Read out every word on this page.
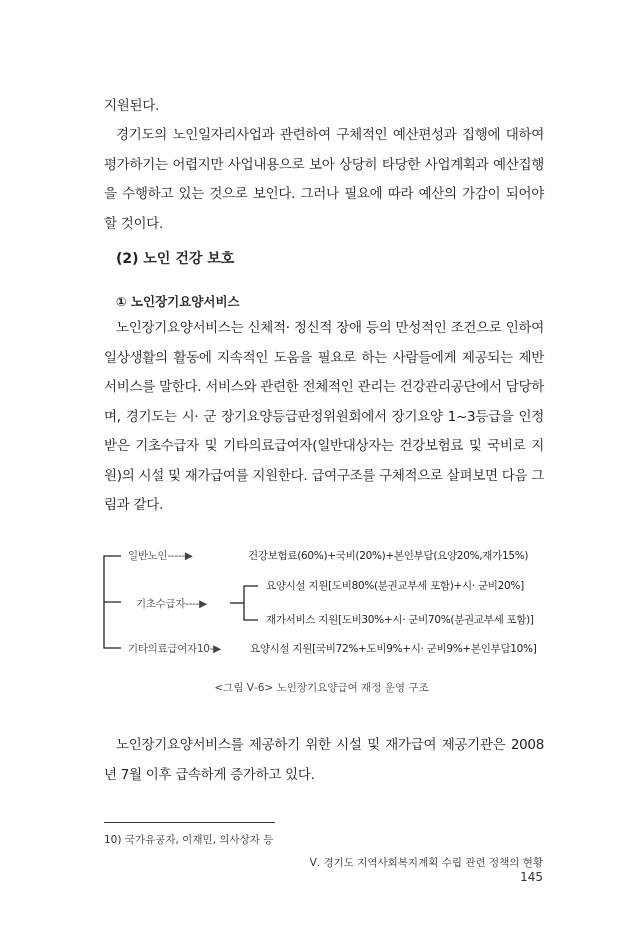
지원된다.

경기도의 노인일자리사업과 관련하여 구체적인 예산편성과 집행에 대하여 평가하기는 어렵지만 사업내용으로 보아 상당히 타당한 사업계획과 예산집행을 수행하고 있는 것으로 보인다. 그러나 필요에 따라 예산의 가감이 되어야 할 것이다.

(2) 노인 건강 보호
① 노인장기요양서비스

노인장기요양서비스는 신체적· 정신적 장애 등의 만성적인 조건으로 인하여 일상생활의 활동에 지속적인 도움을 필요로 하는 사람들에게 제공되는 제반 서비스를 말한다. 서비스와 관련한 전체적인 관리는 건강관리공단에서 담당하며, 경기도는 시· 군 장기요양등급판정위원회에서 장기요양 1~3등급을 인정받은 기초수급자 및 기타의료급여자(일반대상자는 건강보험료 및 국비로 지원)의 시설 및 재가급여를 지원한다. 급여구조를 구체적으로 살펴보면 다음 그림과 같다.

일반노인-----▶	건강보험료(60%)+국비(20%)+본인부담(요양20%,재가15%)
요양시설 지원[도비80%(분권교부세 포함)+시· 군비20%]
기초수급자----▶
재가서비스 지원[도비30%+시· 군비70%(분권교부세 포함)]
기타의료급여자10-▶	요양시설 지원[국비72%+도비9%+시· 군비9%+본인부담10%]
<그림 Ⅴ-6> 노인장기요양급여 재정 운영 구조

노인장기요양서비스를 제공하기 위한 시설 및 재가급여 제공기관은 2008년 7월 이후 급속하게 증가하고 있다.

10) 국가유공자, 이재민, 의사상자 등
Ⅴ. 경기도 지역사회복지계획 수립 관련 정책의 현황 145
